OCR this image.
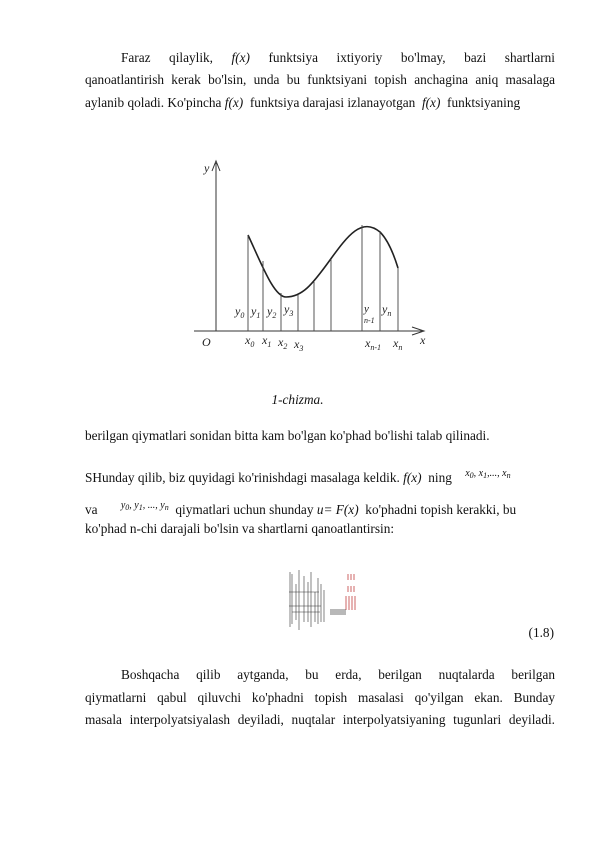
Faraz qilaylik, f(x) funktsiya ixtiyoriy bo'lmay, bazi shartlarni
qanoatlantirish kerak bo'lsin, unda bu funktsiyani topish anchagina aniq masalaga
aylanib qoladi. Ko'pincha f(x)  funktsiya darajasi izlanayotgan  f(x)  funktsiyaning
y
x
O
$y_0$ $y_1$ $y_2$ $y_3$	y
n-1
$y_n$
$x_0$ $x_1$ $x_2$ $x_3$	$x_{n-1}$ $x_n$
1-chizma.
berilgan qiymatlari sonidan bitta kam bo'lgan ko'phad bo'lishi talab qilinadi.
SHunday qilib, biz quyidagi ko'rinishdagi masalaga keldik. f(x) ning $^{x_0, x_1,..., x_n}$
va $^{y_0, y_1, ..., y_n}$ qiymatlari uchun shunday u= F(x) ko'phadni topish kerakki, bu
ko'phad n-chi darajali bo'lsin va shartlarni qanoatlantirsin:
(1.8)
Boshqacha qilib aytganda, bu erda, berilgan nuqtalarda berilgan
qiymatlarni qabul qiluvchi ko'phadni topish masalasi qo'yilgan ekan. Bunday
masala interpolyatsiyalash deyiladi, nuqtalar interpolyatsiyaning tugunlari deyiladi.
